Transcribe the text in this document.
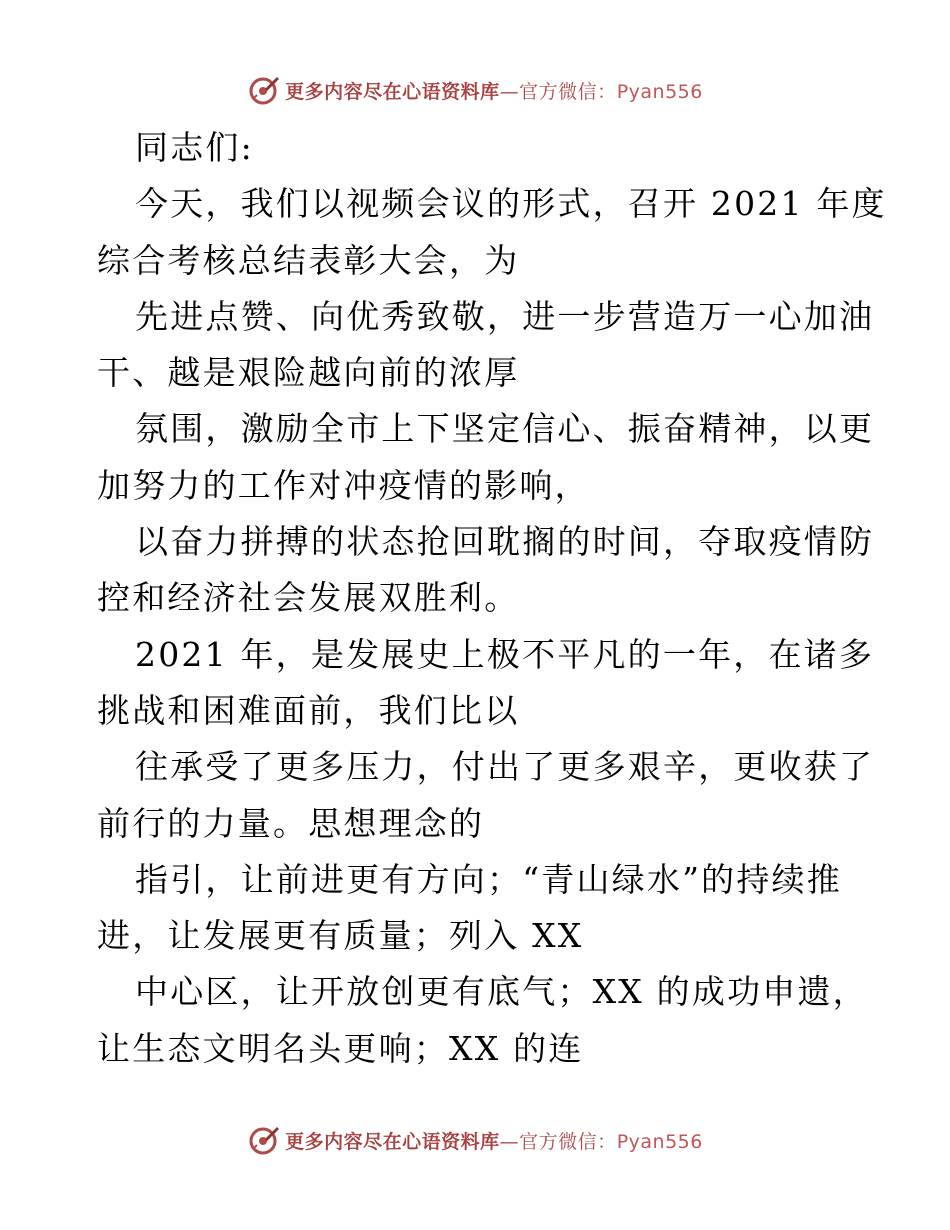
更多内容尽在心语资料库—官方微信：Pyan556
同志们:
今天，我们以视频会议的形式，召开 2021 年度
综合考核总结表彰大会，为
先进点赞、向优秀致敬，进一步营造万一心加油
干、越是艰险越向前的浓厚
氛围，激励全市上下坚定信心、振奋精神，以更
加努力的工作对冲疫情的影响，
以奋力拼搏的状态抢回耽搁的时间，夺取疫情防
控和经济社会发展双胜利。
2021 年，是发展史上极不平凡的一年，在诸多
挑战和困难面前，我们比以
往承受了更多压力，付出了更多艰辛，更收获了
前行的力量。思想理念的
指引，让前进更有方向；“青山绿水”的持续推
进，让发展更有质量；列入 XX
中心区，让开放创更有底气；XX 的成功申遗，
让生态文明名头更响；XX 的连
更多内容尽在心语资料库—官方微信：Pyan556
